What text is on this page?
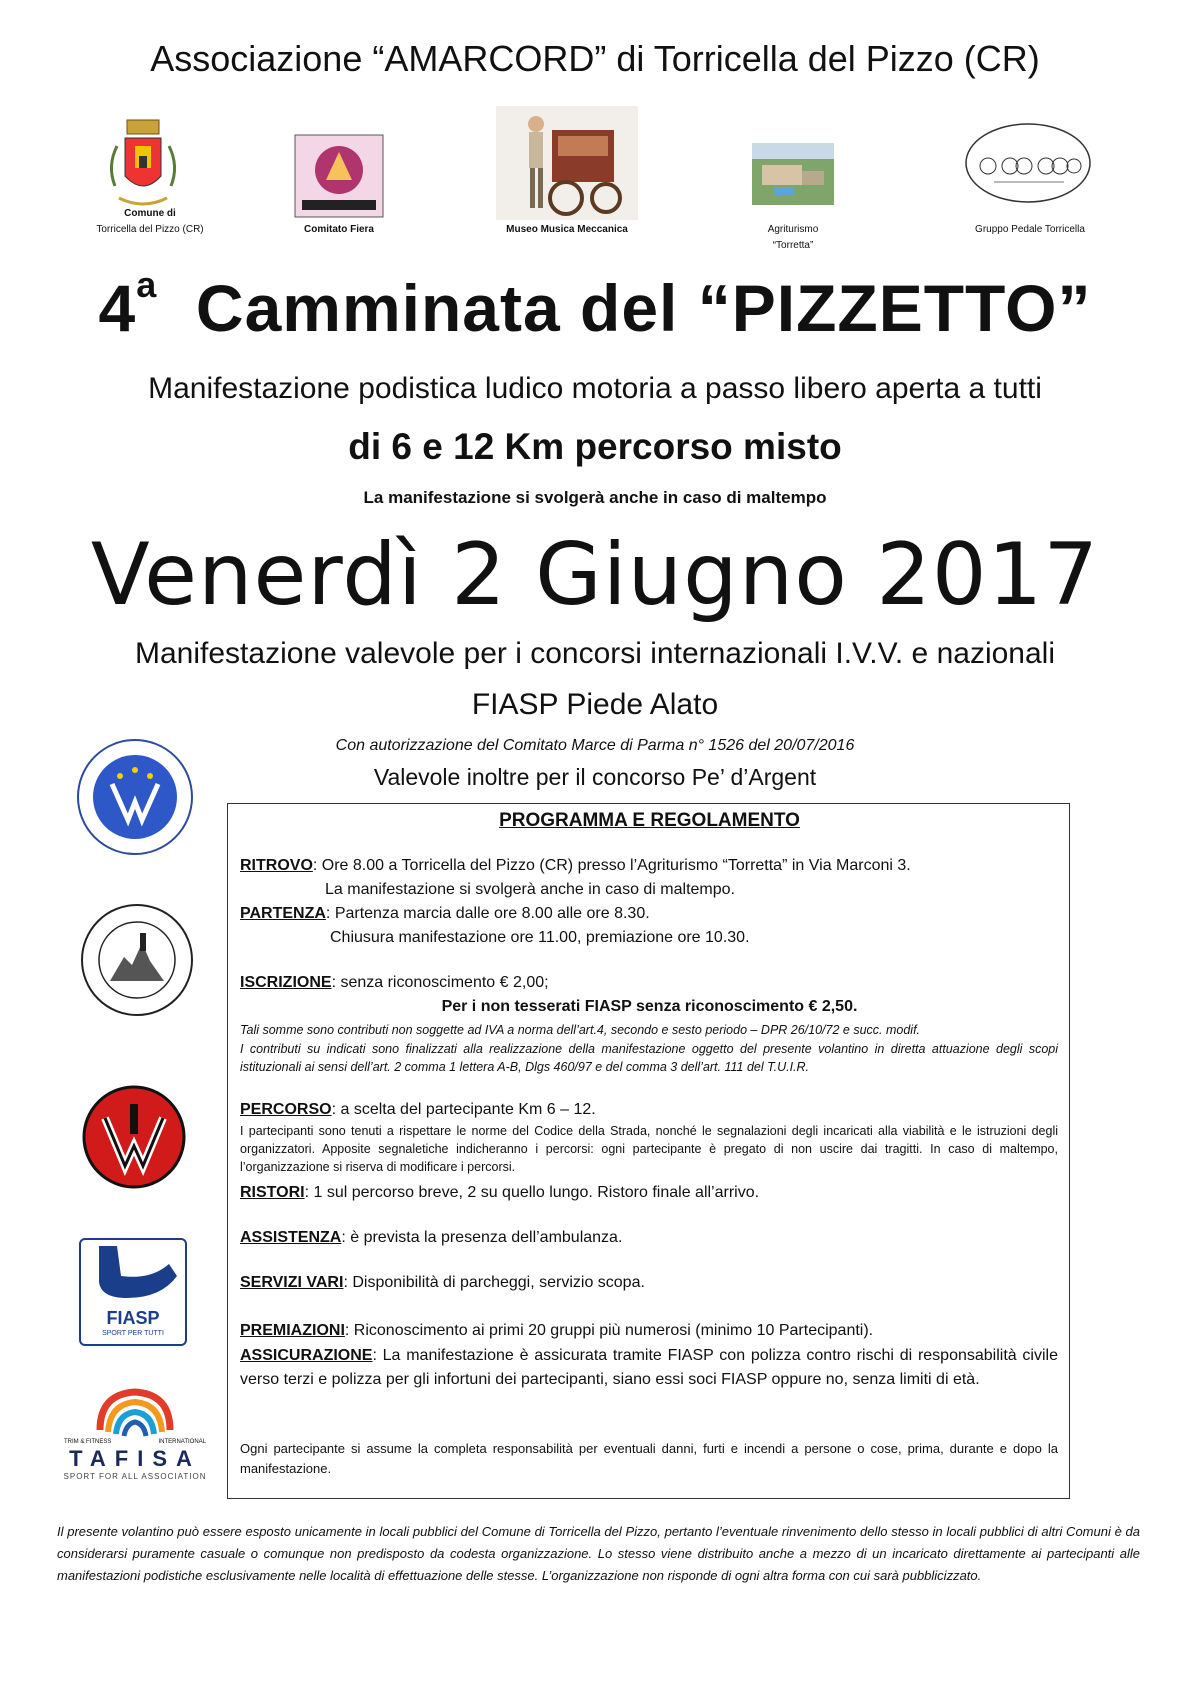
Associazione “AMARCORD” di Torricella del Pizzo (CR)
Comune di
Torricella del Pizzo (CR)	Comitato Fiera	Museo Musica Meccanica	Agriturismo
“Torretta”
Gruppo Pedale Torricella
4$^a$ Camminata del “PIZZETTO”
Manifestazione podistica ludico motoria a passo libero aperta a tutti
di 6 e 12 Km percorso misto
La manifestazione si svolgerà anche in caso di maltempo
Venerdì 2 Giugno 2017
Manifestazione valevole per i concorsi internazionali I.V.V. e nazionali
FIASP Piede Alato
Con autorizzazione del Comitato Marce di Parma n° 1526 del 20/07/2016
Valevole inoltre per il concorso Pe’ d’Argent
FIASP
SPORT PER TUTTI
TRIM & FITNESS	INTERNATIONAL
TAFISA
SPORT FOR ALL ASSOCIATION
PROGRAMMA E REGOLAMENTO
RITROVO: Ore 8.00 a Torricella del Pizzo (CR) presso l’Agriturismo “Torretta” in Via Marconi 3.
La manifestazione si svolgerà anche in caso di maltempo.
PARTENZA: Partenza marcia dalle ore 8.00 alle ore 8.30.
Chiusura manifestazione ore 11.00, premiazione ore 10.30.
ISCRIZIONE: senza riconoscimento € 2,00;
Per i non tesserati FIASP senza riconoscimento € 2,50.
Tali somme sono contributi non soggette ad IVA a norma dell’art.4, secondo e sesto periodo – DPR 26/10/72 e succ. modif.
I contributi su indicati sono finalizzati alla realizzazione della manifestazione oggetto del presente volantino in diretta attuazione degli scopi istituzionali ai sensi dell’art. 2 comma 1 lettera A-B, Dlgs 460/97 e del comma 3 dell’art. 111 del T.U.I.R.
PERCORSO: a scelta del partecipante Km 6 – 12.
I partecipanti sono tenuti a rispettare le norme del Codice della Strada, nonché le segnalazioni degli incaricati alla viabilità e le istruzioni degli organizzatori. Apposite segnaletiche indicheranno i percorsi: ogni partecipante è pregato di non uscire dai tragitti. In caso di maltempo, l’organizzazione si riserva di modificare i percorsi.
RISTORI: 1 sul percorso breve, 2 su quello lungo. Ristoro finale all’arrivo.
ASSISTENZA: è prevista la presenza dell’ambulanza.
SERVIZI VARI: Disponibilità di parcheggi, servizio scopa.
PREMIAZIONI: Riconoscimento ai primi 20 gruppi più numerosi (minimo 10 Partecipanti).
ASSICURAZIONE: La manifestazione è assicurata tramite FIASP con polizza contro rischi di responsabilità civile verso terzi e polizza per gli infortuni dei partecipanti, siano essi soci FIASP oppure no, senza limiti di età.
Ogni partecipante si assume la completa responsabilità per eventuali danni, furti e incendi a persone o cose, prima, durante e dopo la manifestazione.
Il presente volantino può essere esposto unicamente in locali pubblici del Comune di Torricella del Pizzo, pertanto l’eventuale rinvenimento dello stesso in locali pubblici di altri Comuni è da considerarsi puramente casuale o comunque non predisposto da codesta organizzazione. Lo stesso viene distribuito anche a mezzo di un incaricato direttamente ai partecipanti alle manifestazioni podistiche esclusivamente nelle località di effettuazione delle stesse. L’organizzazione non risponde di ogni altra forma con cui sarà pubblicizzato.
